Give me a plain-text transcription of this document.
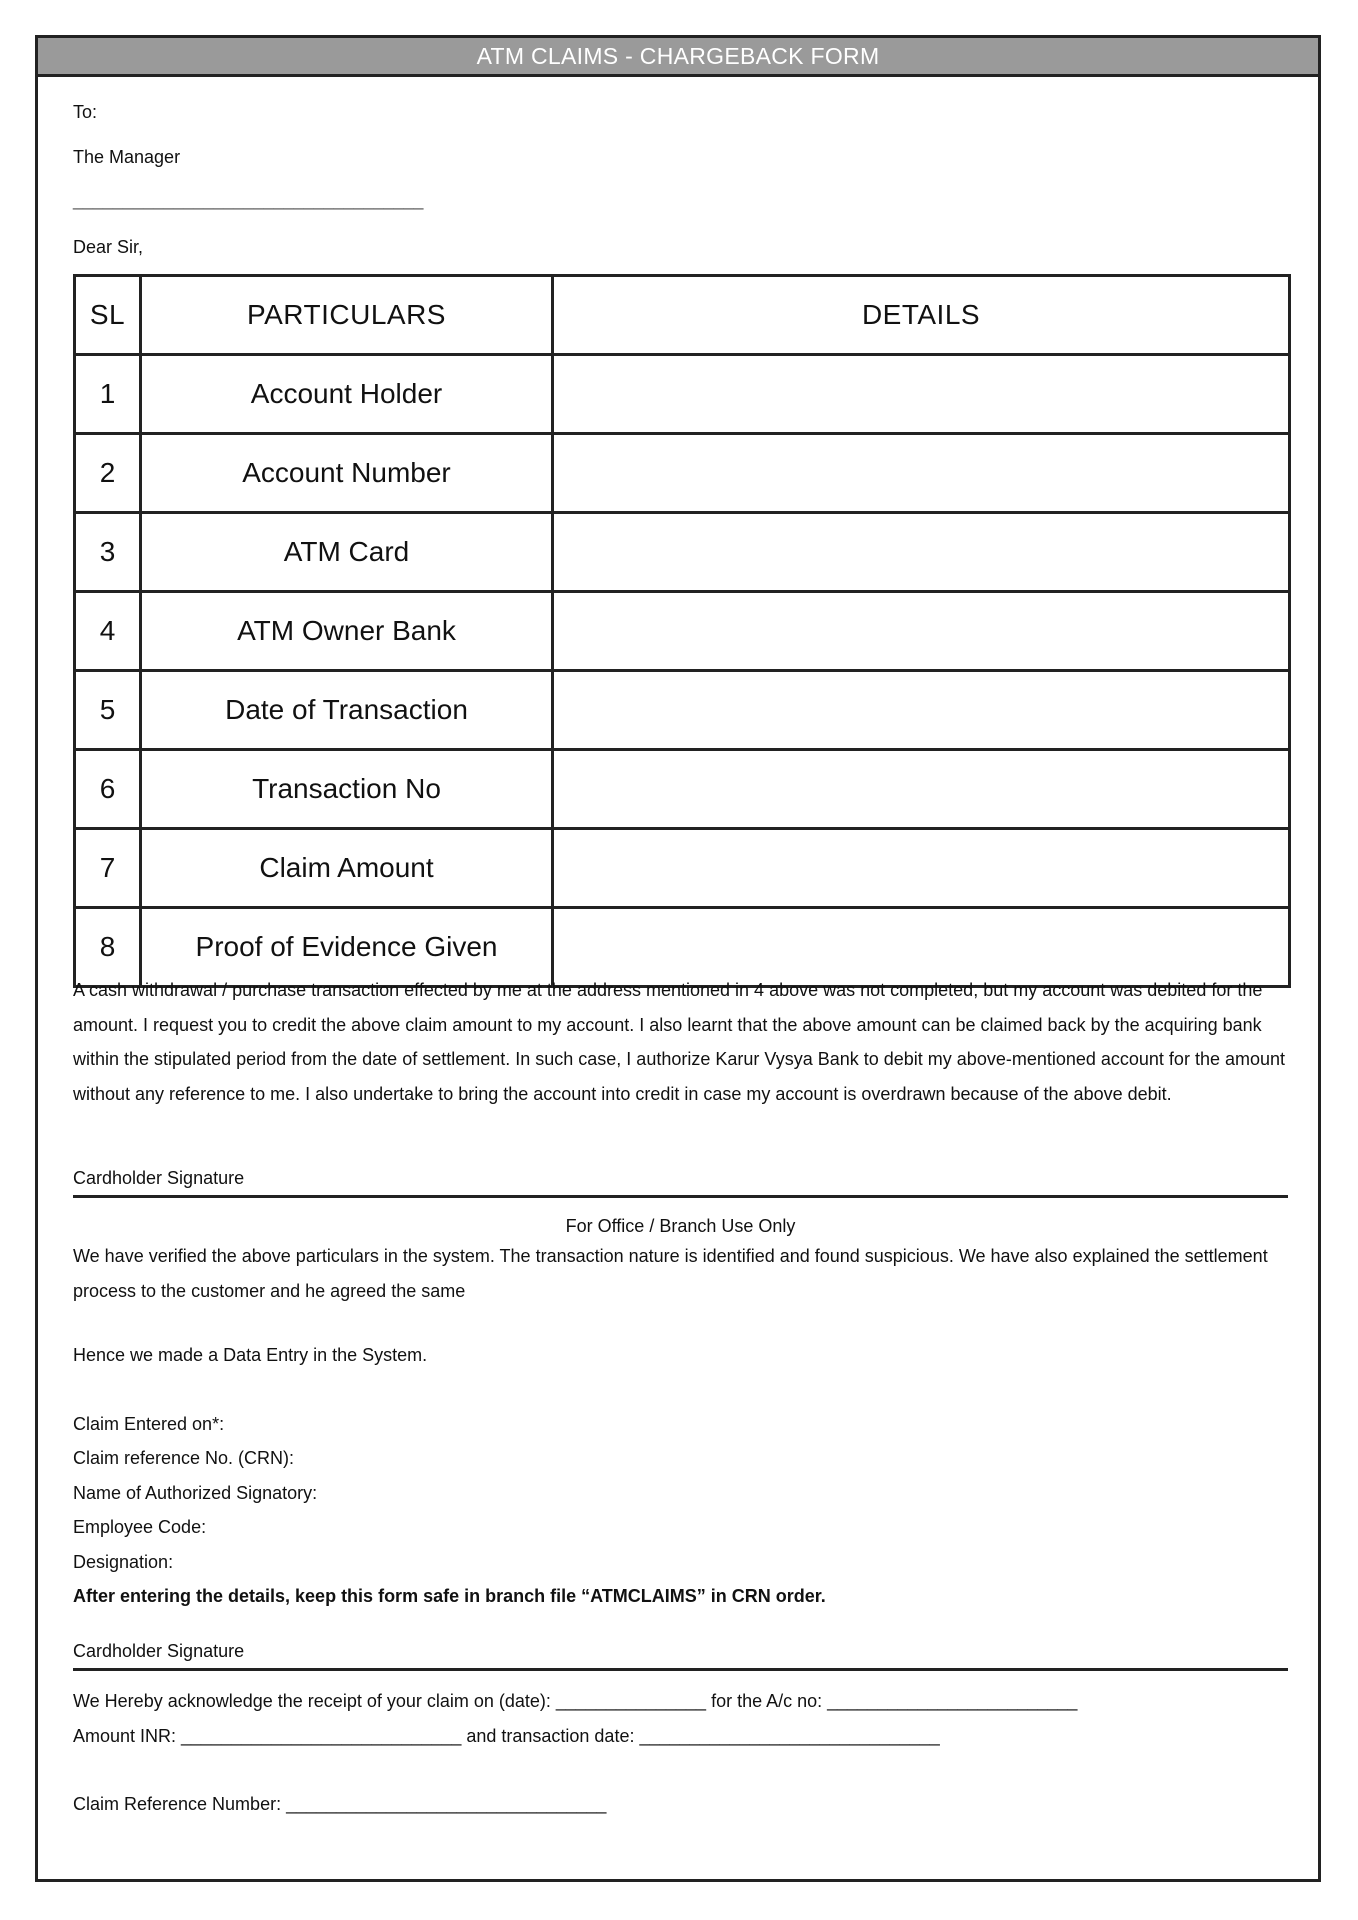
ATM CLAIMS - CHARGEBACK FORM
To:
The Manager
___________________________________
Dear Sir,
SL	PARTICULARS	DETAILS
1	Account Holder	
2	Account Number	
3	ATM Card	
4	ATM Owner Bank	
5	Date of Transaction	
6	Transaction No	
7	Claim Amount	
8	Proof of Evidence Given	
A cash withdrawal / purchase transaction effected by me at the address mentioned in 4 above was not completed, but my account was debited for the amount. I request you to credit the above claim amount to my account. I also learnt that the above amount can be claimed back by the acquiring bank within the stipulated period from the date of settlement. In such case, I authorize Karur Vysya Bank to debit my above-mentioned account for the amount without any reference to me. I also undertake to bring the account into credit in case my account is overdrawn because of the above debit.
Cardholder Signature
For Office / Branch Use Only
We have verified the above particulars in the system. The transaction nature is identified and found suspicious. We have also explained the settlement process to the customer and he agreed the same
Hence we made a Data Entry in the System.
Claim Entered on*:
Claim reference No. (CRN):
Name of Authorized Signatory:
Employee Code:
Designation:
After entering the details, keep this form safe in branch file “ATMCLAIMS” in CRN order.
Cardholder Signature
We Hereby acknowledge the receipt of your claim on (date): _______________ for the A/c no: _________________________
Amount INR: ____________________________ and transaction date: ______________________________
Claim Reference Number: ________________________________
